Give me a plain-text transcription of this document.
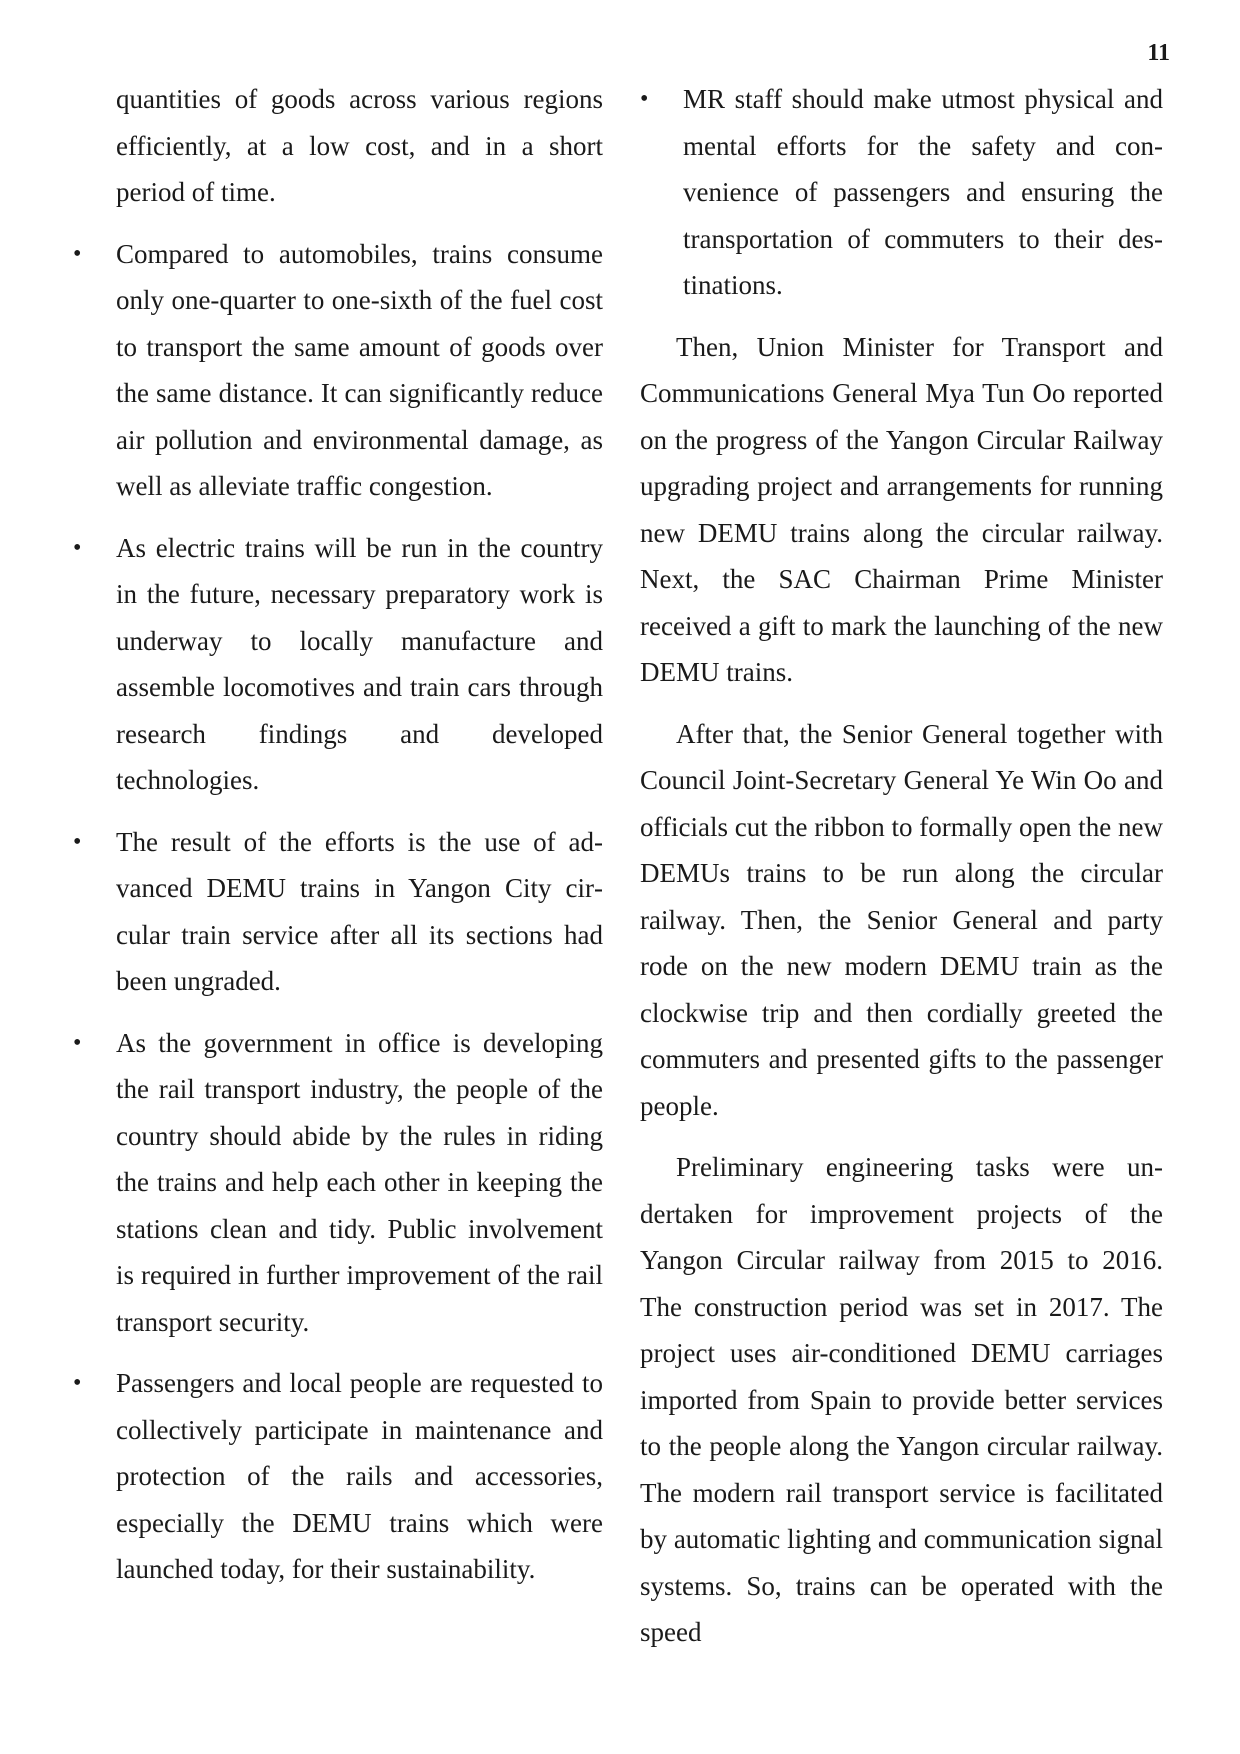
11

quantities of goods across various regions efficiently, at a low cost, and in a short period of time.

• Compared to automobiles, trains consume only one-quarter to one-sixth of the fuel cost to transport the same amount of goods over the same distance. It can significantly reduce air pollution and environmental damage, as well as alleviate traffic congestion.

• As electric trains will be run in the country in the future, necessary preparatory work is underway to locally manufacture and assemble locomotives and train cars through research findings and developed technologies.

• The result of the efforts is the use of advanced DEMU trains in Yangon City circular train service after all its sections had been ungraded.

• As the government in office is developing the rail transport industry, the people of the country should abide by the rules in riding the trains and help each other in keeping the stations clean and tidy. Public involvement is required in further improvement of the rail transport security.

• Passengers and local people are requested to collectively participate in maintenance and protection of the rails and accessories, especially the DEMU trains which were launched today, for their sustainability.

• MR staff should make utmost physical and mental efforts for the safety and convenience of passengers and ensuring the transportation of commuters to their destinations.

Then, Union Minister for Transport and Communications General Mya Tun Oo reported on the progress of the Yangon Circular Railway upgrading project and arrangements for running new DEMU trains along the circular railway. Next, the SAC Chairman Prime Minister received a gift to mark the launching of the new DEMU trains.

After that, the Senior General together with Council Joint-Secretary General Ye Win Oo and officials cut the ribbon to formally open the new DEMUs trains to be run along the circular railway. Then, the Senior General and party rode on the new modern DEMU train as the clockwise trip and then cordially greeted the commuters and presented gifts to the passenger people.

Preliminary engineering tasks were undertaken for improvement projects of the Yangon Circular railway from 2015 to 2016. The construction period was set in 2017. The project uses air-conditioned DEMU carriages imported from Spain to provide better services to the people along the Yangon circular railway. The modern rail transport service is facilitated by automatic lighting and communication signal systems. So, trains can be operated with the speed
